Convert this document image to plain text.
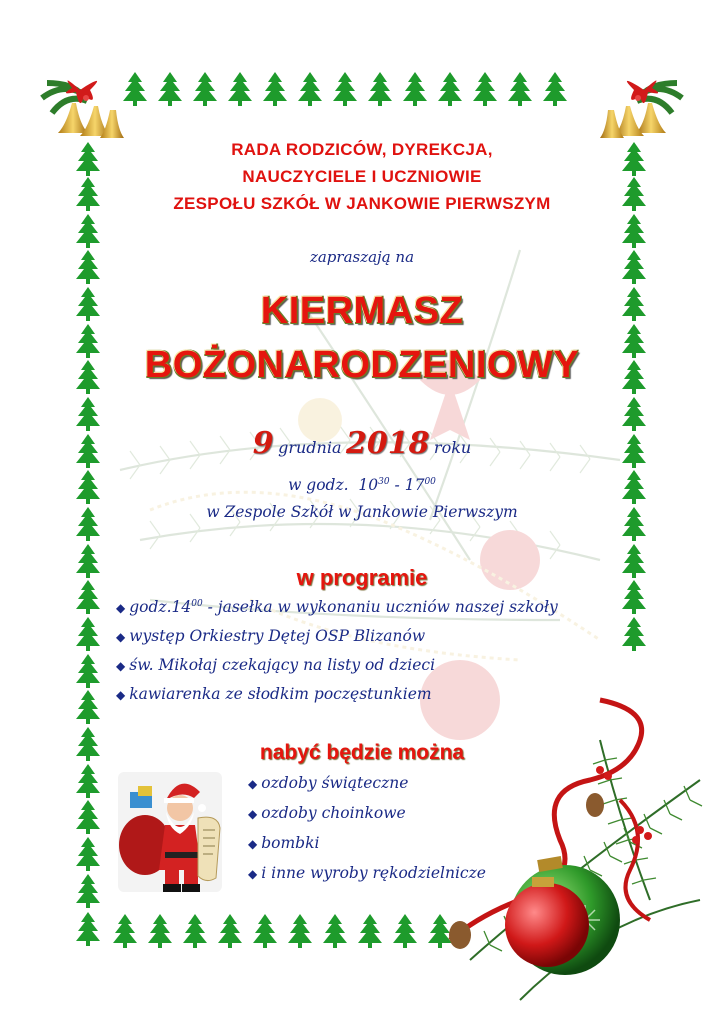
RADA RODZICÓW, DYREKCJA,
NAUCZYCIELE I UCZNIOWIE
ZESPOŁU SZKÓŁ W JANKOWIE PIERWSZYM
zapraszają na
KIERMASZ
BOŻONARODZENIOWY
9 grudnia 2018 roku
w godz. $10^{30} - 17^{00}$
w Zespole Szkół w Jankowie Pierwszym
w programie
◆ $godz.14^{00}$ - jasełka w wykonaniu uczniów naszej szkoły
◆ występ Orkiestry Dętej OSP Blizanów
◆ św. Mikołaj czekający na listy od dzieci
◆ kawiarenka ze słodkim poczęstunkiem
nabyć będzie można
◆ ozdoby świąteczne
◆ ozdoby choinkowe
◆ bombki
◆ i inne wyroby rękodzielnicze
